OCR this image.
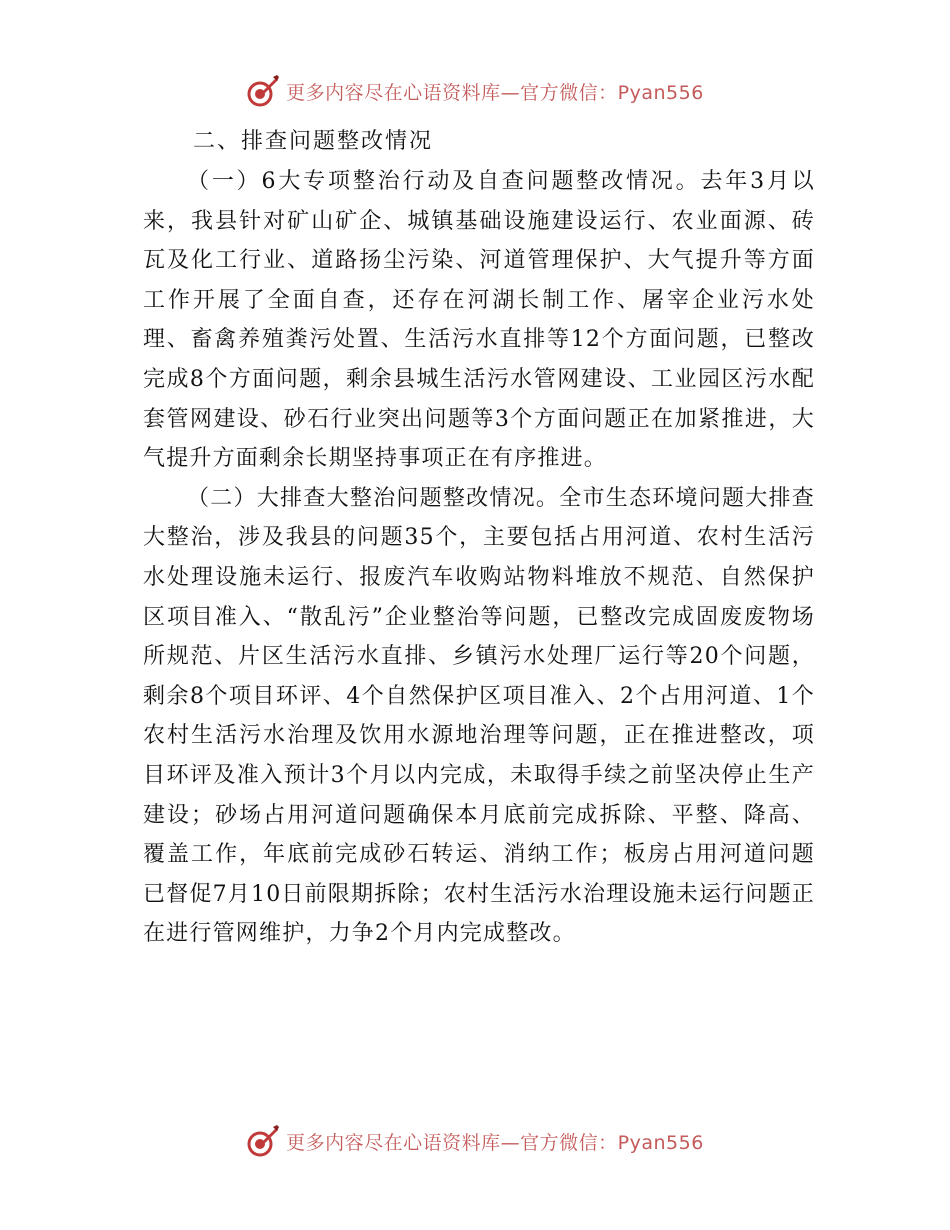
更多内容尽在心语资料库—官方微信：Pyan556

二、排查问题整改情况

（一）6大专项整治行动及自查问题整改情况。去年3月以来，我县针对矿山矿企、城镇基础设施建设运行、农业面源、砖瓦及化工行业、道路扬尘污染、河道管理保护、大气提升等方面工作开展了全面自查，还存在河湖长制工作、屠宰企业污水处理、畜禽养殖粪污处置、生活污水直排等12个方面问题，已整改完成8个方面问题，剩余县城生活污水管网建设、工业园区污水配套管网建设、砂石行业突出问题等3个方面问题正在加紧推进，大气提升方面剩余长期坚持事项正在有序推进。

（二）大排查大整治问题整改情况。全市生态环境问题大排查大整治，涉及我县的问题35个，主要包括占用河道、农村生活污水处理设施未运行、报废汽车收购站物料堆放不规范、自然保护区项目准入、“散乱污”企业整治等问题，已整改完成固废废物场所规范、片区生活污水直排、乡镇污水处理厂运行等20个问题，剩余8个项目环评、4个自然保护区项目准入、2个占用河道、1个农村生活污水治理及饮用水源地治理等问题，正在推进整改，项目环评及准入预计3个月以内完成，未取得手续之前坚决停止生产建设；砂场占用河道问题确保本月底前完成拆除、平整、降高、覆盖工作，年底前完成砂石转运、消纳工作；板房占用河道问题已督促7月10日前限期拆除；农村生活污水治理设施未运行问题正在进行管网维护，力争2个月内完成整改。

更多内容尽在心语资料库—官方微信：Pyan556
